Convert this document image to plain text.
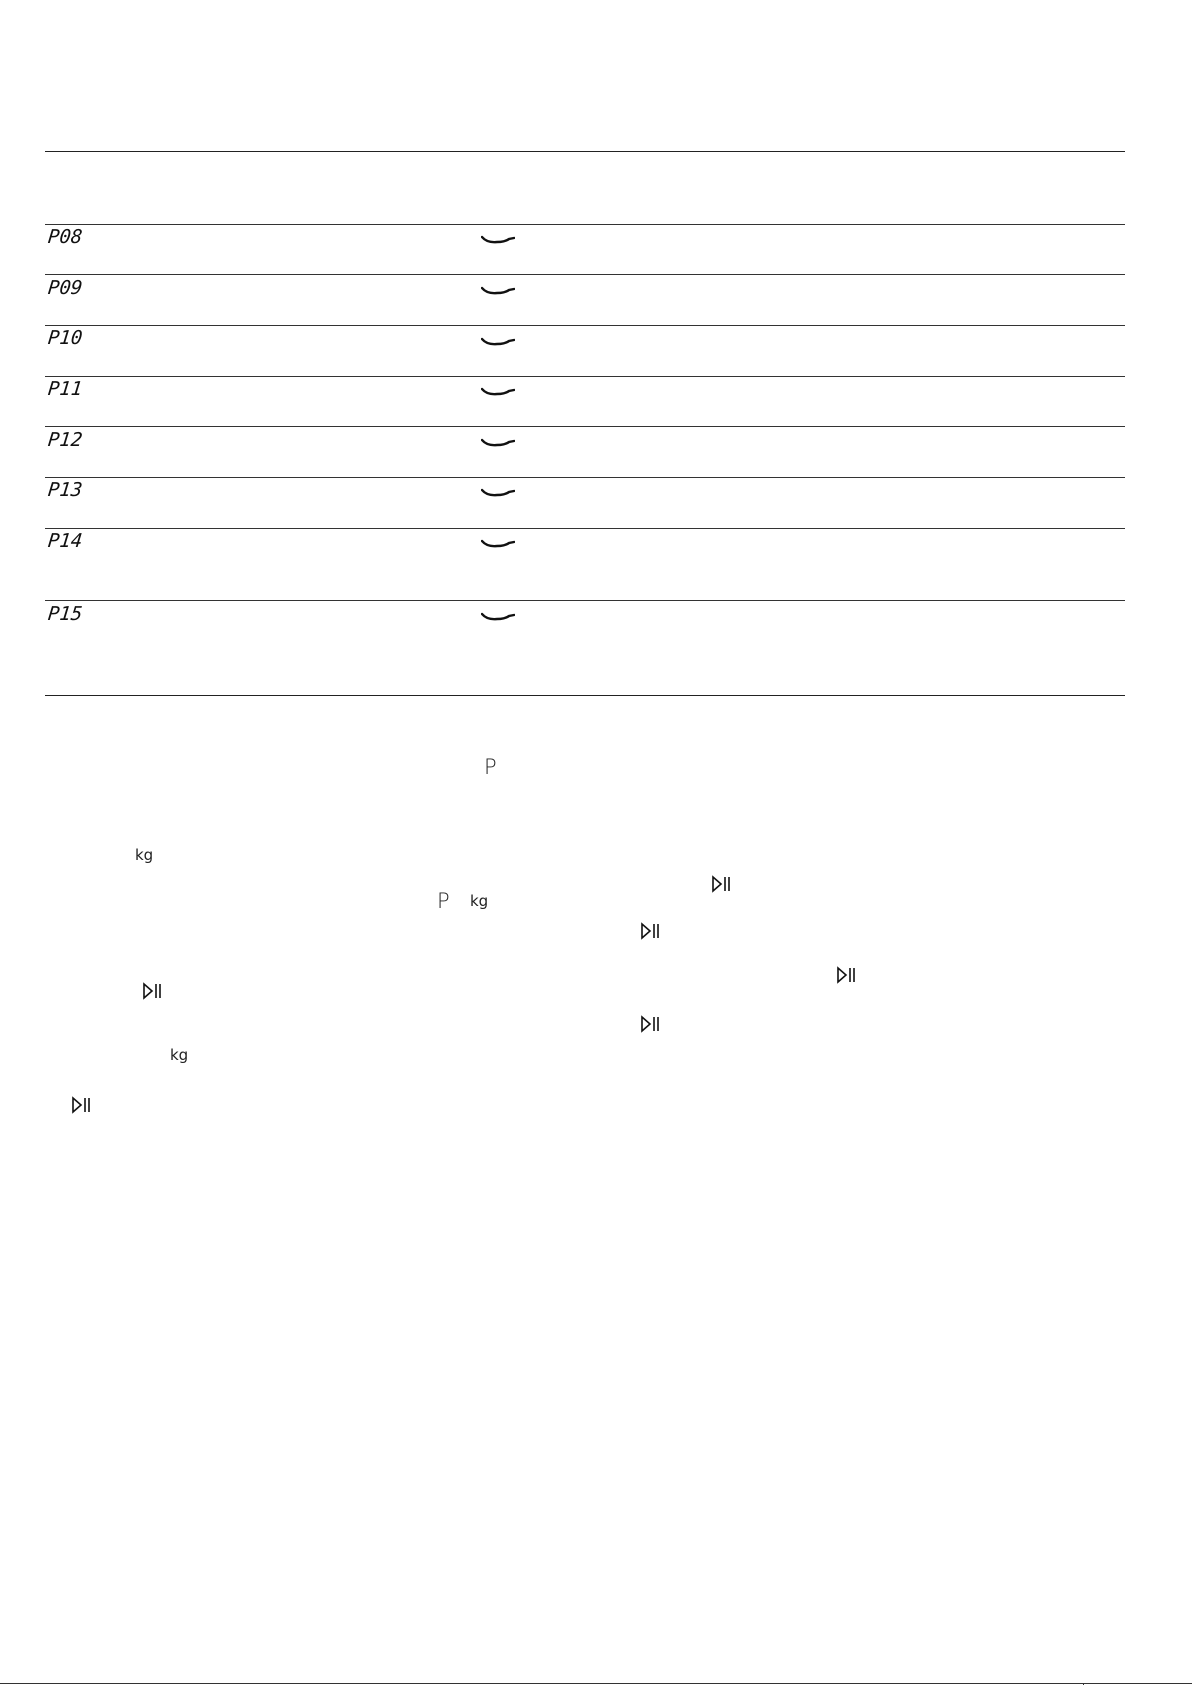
P08
P09
P10
P11
P12
P13
P14
P15
P
kg
P kg
kg
